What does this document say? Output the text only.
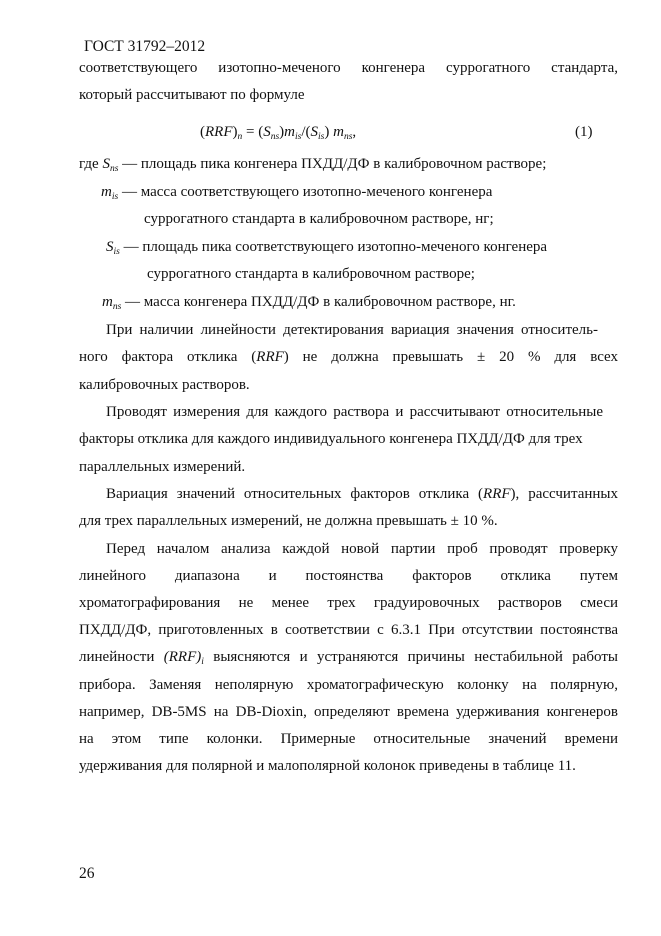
ГОСТ 31792–2012
соответствующего изотопно-меченого конгенера суррогатного стандарта,
который рассчитывают по формуле
$(RRF)_n = (S_{ns})m_{is}/(S_{is})$ $m_{ns}$,	(1)
где $S_{ns}$ — площадь пика конгенера ПХДД/ДФ в калибровочном растворе;
$m_{is}$ — масса соответствующего изотопно-меченого конгенера
суррогатного стандарта в калибровочном растворе, нг;
$S_{is}$ — площадь пика соответствующего изотопно-меченого конгенера
суррогатного стандарта в калибровочном растворе;
$m_{ns}$ — масса конгенера ПХДД/ДФ в калибровочном растворе, нг.
При наличии линейности детектирования вариация значения относитель-
ного фактора отклика (RRF) не должна превышать ± 20 % для всех
калибровочных растворов.
Проводят измерения для каждого раствора и рассчитывают относительные
факторы отклика для каждого индивидуального конгенера ПХДД/ДФ для трех
параллельных измерений.
Вариация значений относительных факторов отклика (RRF), рассчитанных
для трех параллельных измерений, не должна превышать ± 10 %.
Перед началом анализа каждой новой партии проб проводят проверку
линейного диапазона и постоянства факторов отклика путем
хроматографирования не менее трех градуировочных растворов смеси
ПХДД/ДФ, приготовленных в соответствии с 6.3.1 При отсутствии постоянства
линейности $(RRF)_i$ выясняются и устраняются причины нестабильной работы
прибора. Заменяя неполярную хроматографическую колонку на полярную,
например, DB-5MS на DB-Dioxin, определяют времена удерживания конгенеров
на этом типе колонки. Примерные относительные значений времени
удерживания для полярной и малополярной колонок приведены в таблице 11.
26
